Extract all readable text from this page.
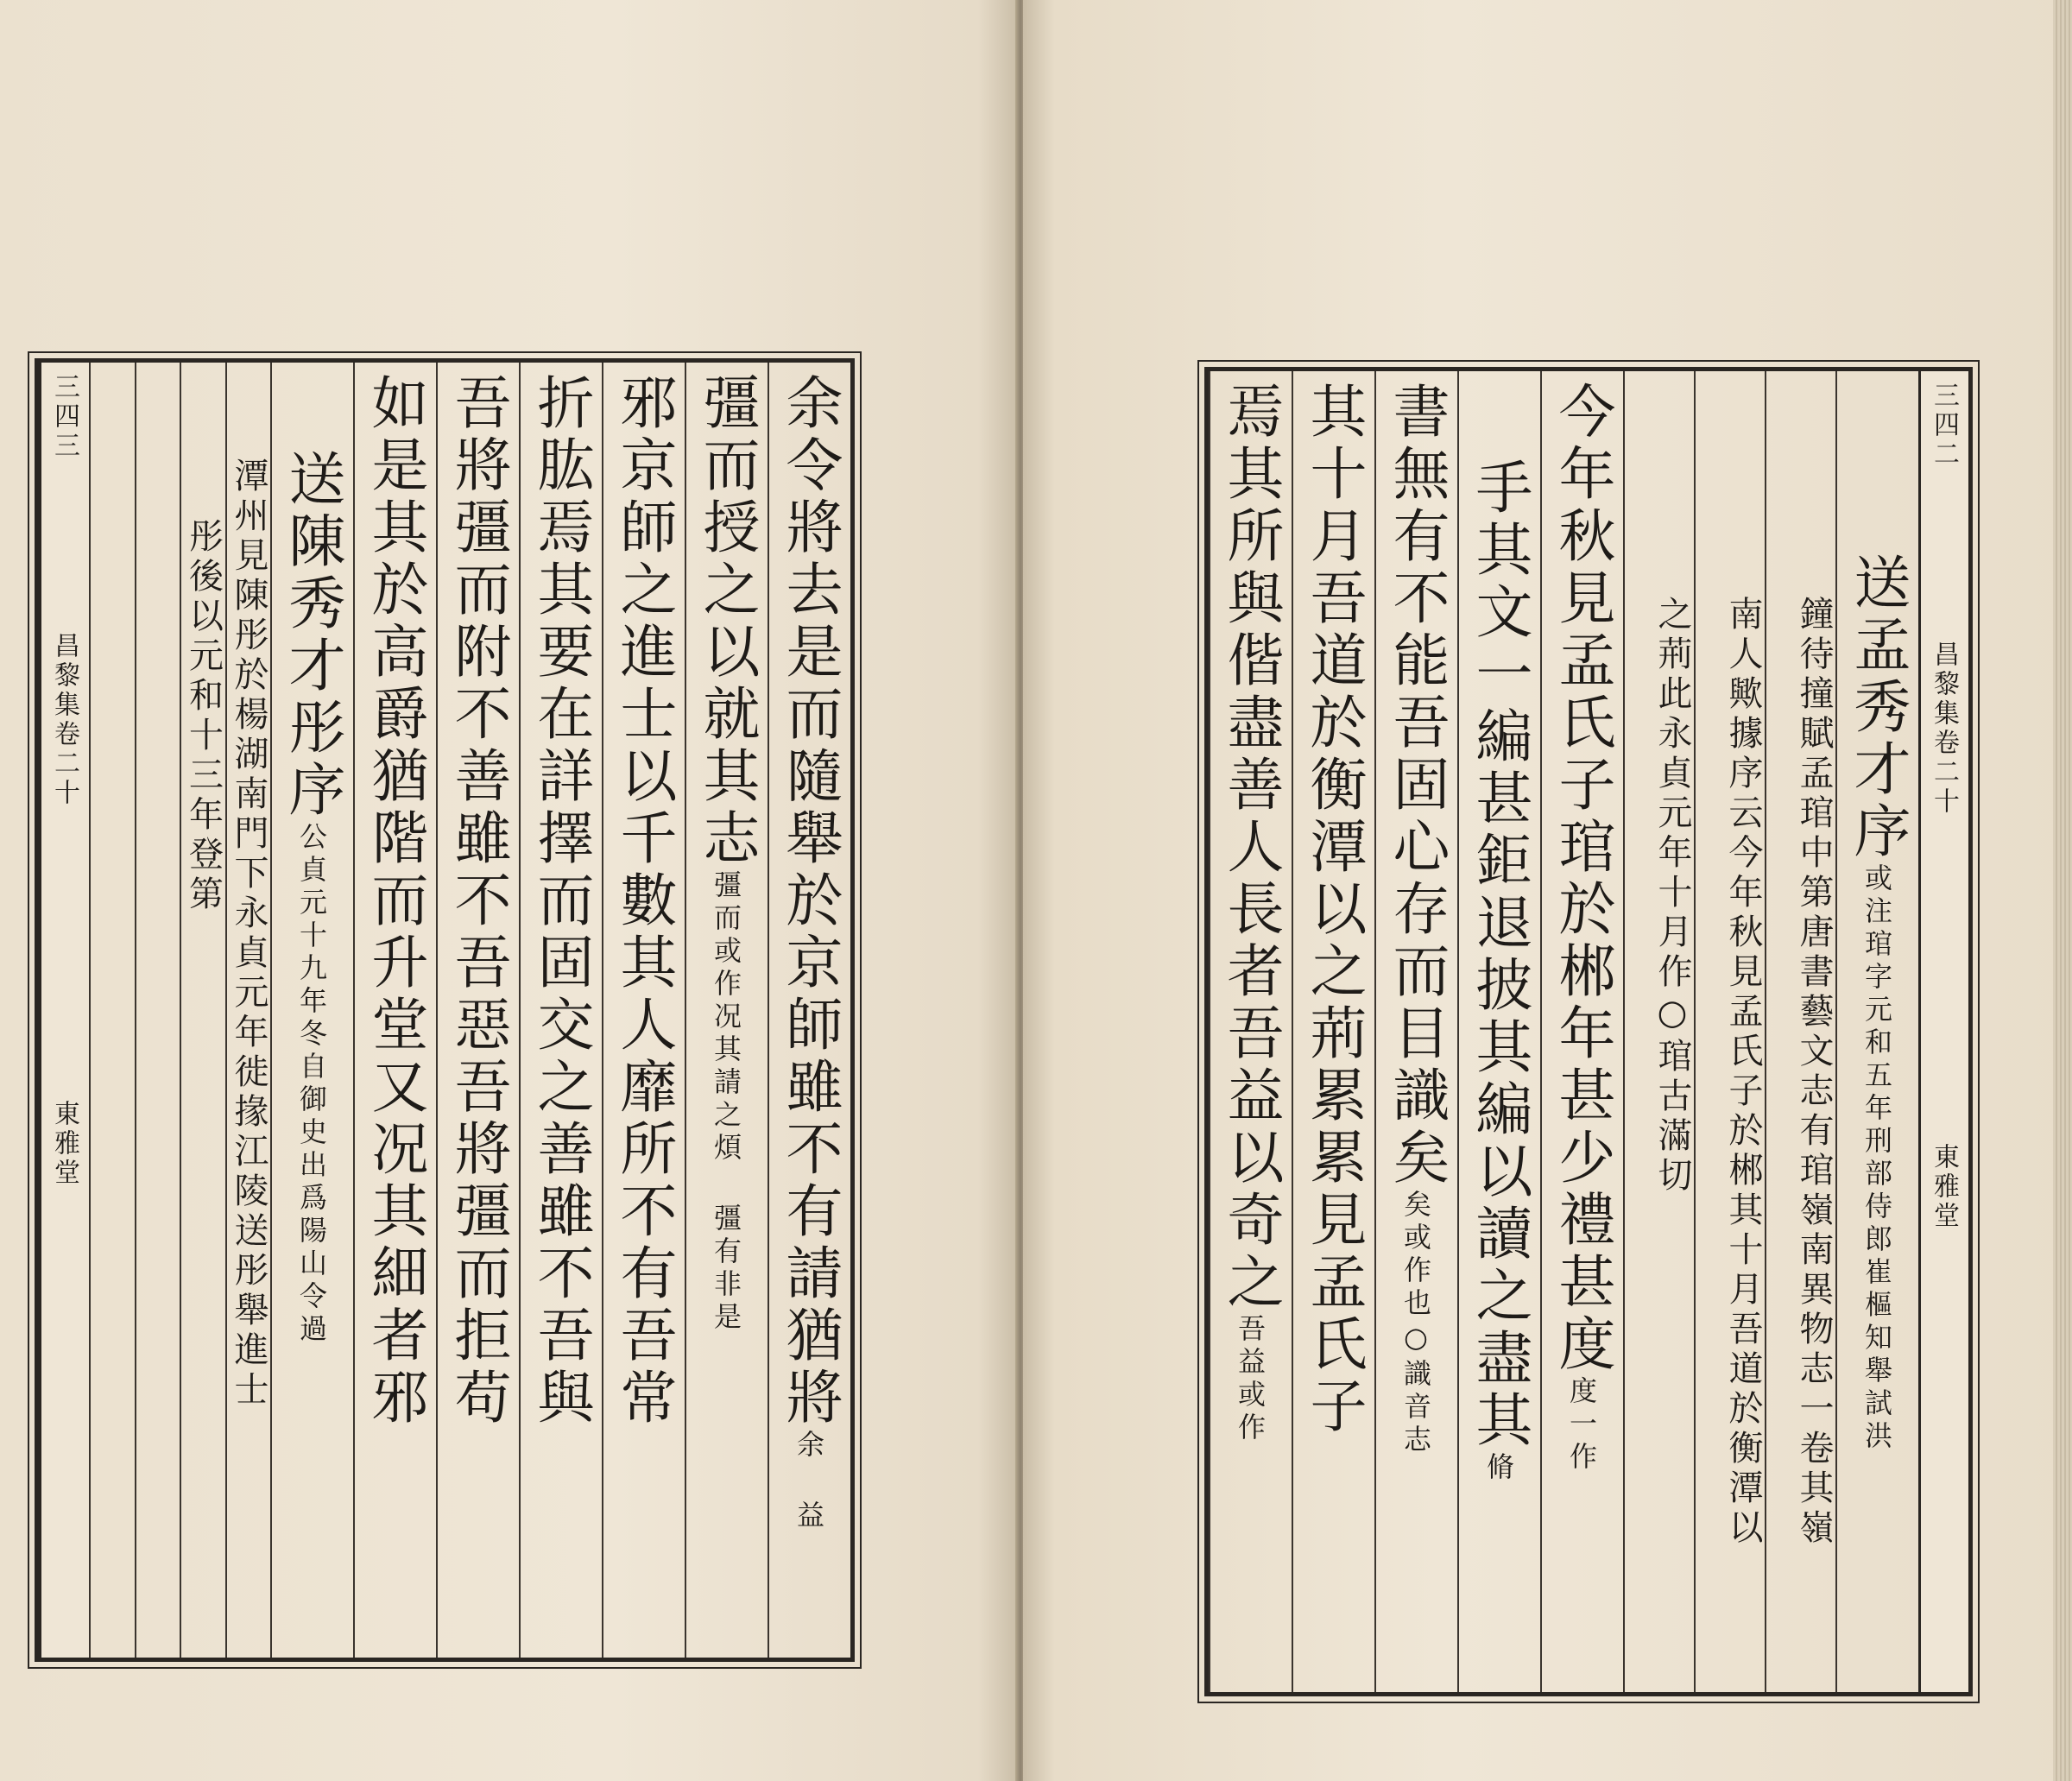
余令將去是而隨舉於京師雖不有請猶將余 益
彊而授之以就其志彊而或作况其請之煩 彊有非是
邪京師之進士以千數其人靡所不有吾常
折肱焉其要在詳擇而固交之善雖不吾與
吾將彊而附不善雖不吾惡吾將彊而拒苟
如是其於高爵猶階而升堂又况其細者邪
送陳秀才彤序公貞元十九年冬自御史出爲陽山令過
潭州見陳彤於楊湖南門下永貞元年徙掾江陵送彤舉進士
彤後以元和十三年登第
三四三  昌黎集卷二十  東雅堂
三四二  昌黎集卷二十  東雅堂
送孟秀才序或注琯字元和五年刑部侍郎崔樞知舉試洪
鐘待撞賦孟琯中第唐書藝文志有琯嶺南異物志一卷其嶺
南人歟據序云今年秋見孟氏子於郴其十月吾道於衡潭以
之荊此永貞元年十月作○琯古滿切
今年秋見孟氏子琯於郴年甚少禮甚度度一作
手其文一編甚鉅退披其編以讀之盡其脩
書無有不能吾固心存而目識矣矣或作也○識音志
其十月吾道於衡潭以之荊累累見孟氏子
焉其所與偕盡善人長者吾益以奇之吾益或作
